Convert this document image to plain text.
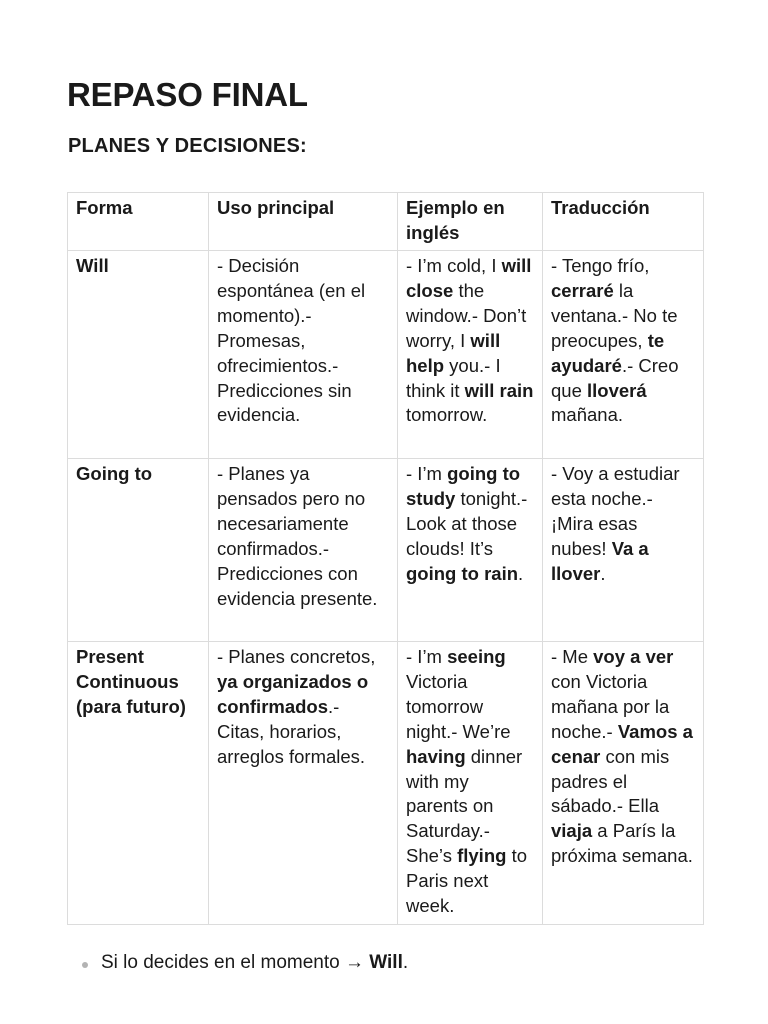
REPASO FINAL
PLANES Y DECISIONES:
Forma	Uso principal	Ejemplo en inglés	Traducción
Will	- Decisión espontánea (en el momento).- Promesas, ofrecimientos.- Predicciones sin evidencia.	- I’m cold, I will close the window.- Don’t worry, I will help you.- I think it will rain tomorrow.	- Tengo frío, cerraré la ventana.- No te preocupes, te ayudaré.- Creo que lloverá mañana.
Going to	- Planes ya pensados pero no necesariamente confirmados.- Predicciones con evidencia presente.	- I’m going to study tonight.- Look at those clouds! It’s going to rain.	- Voy a estudiar esta noche.- ¡Mira esas nubes! Va a llover.
Present Continuous (para futuro)	- Planes concretos, ya organizados o confirmados.- Citas, horarios, arreglos formales.	- I’m seeing Victoria tomorrow night.- We’re having dinner with my parents on Saturday.- She’s flying to Paris next week.	- Me voy a ver con Victoria mañana por la noche.- Vamos a cenar con mis padres el sábado.- Ella viaja a París la próxima semana.
Si lo decides en el momento → Will.
